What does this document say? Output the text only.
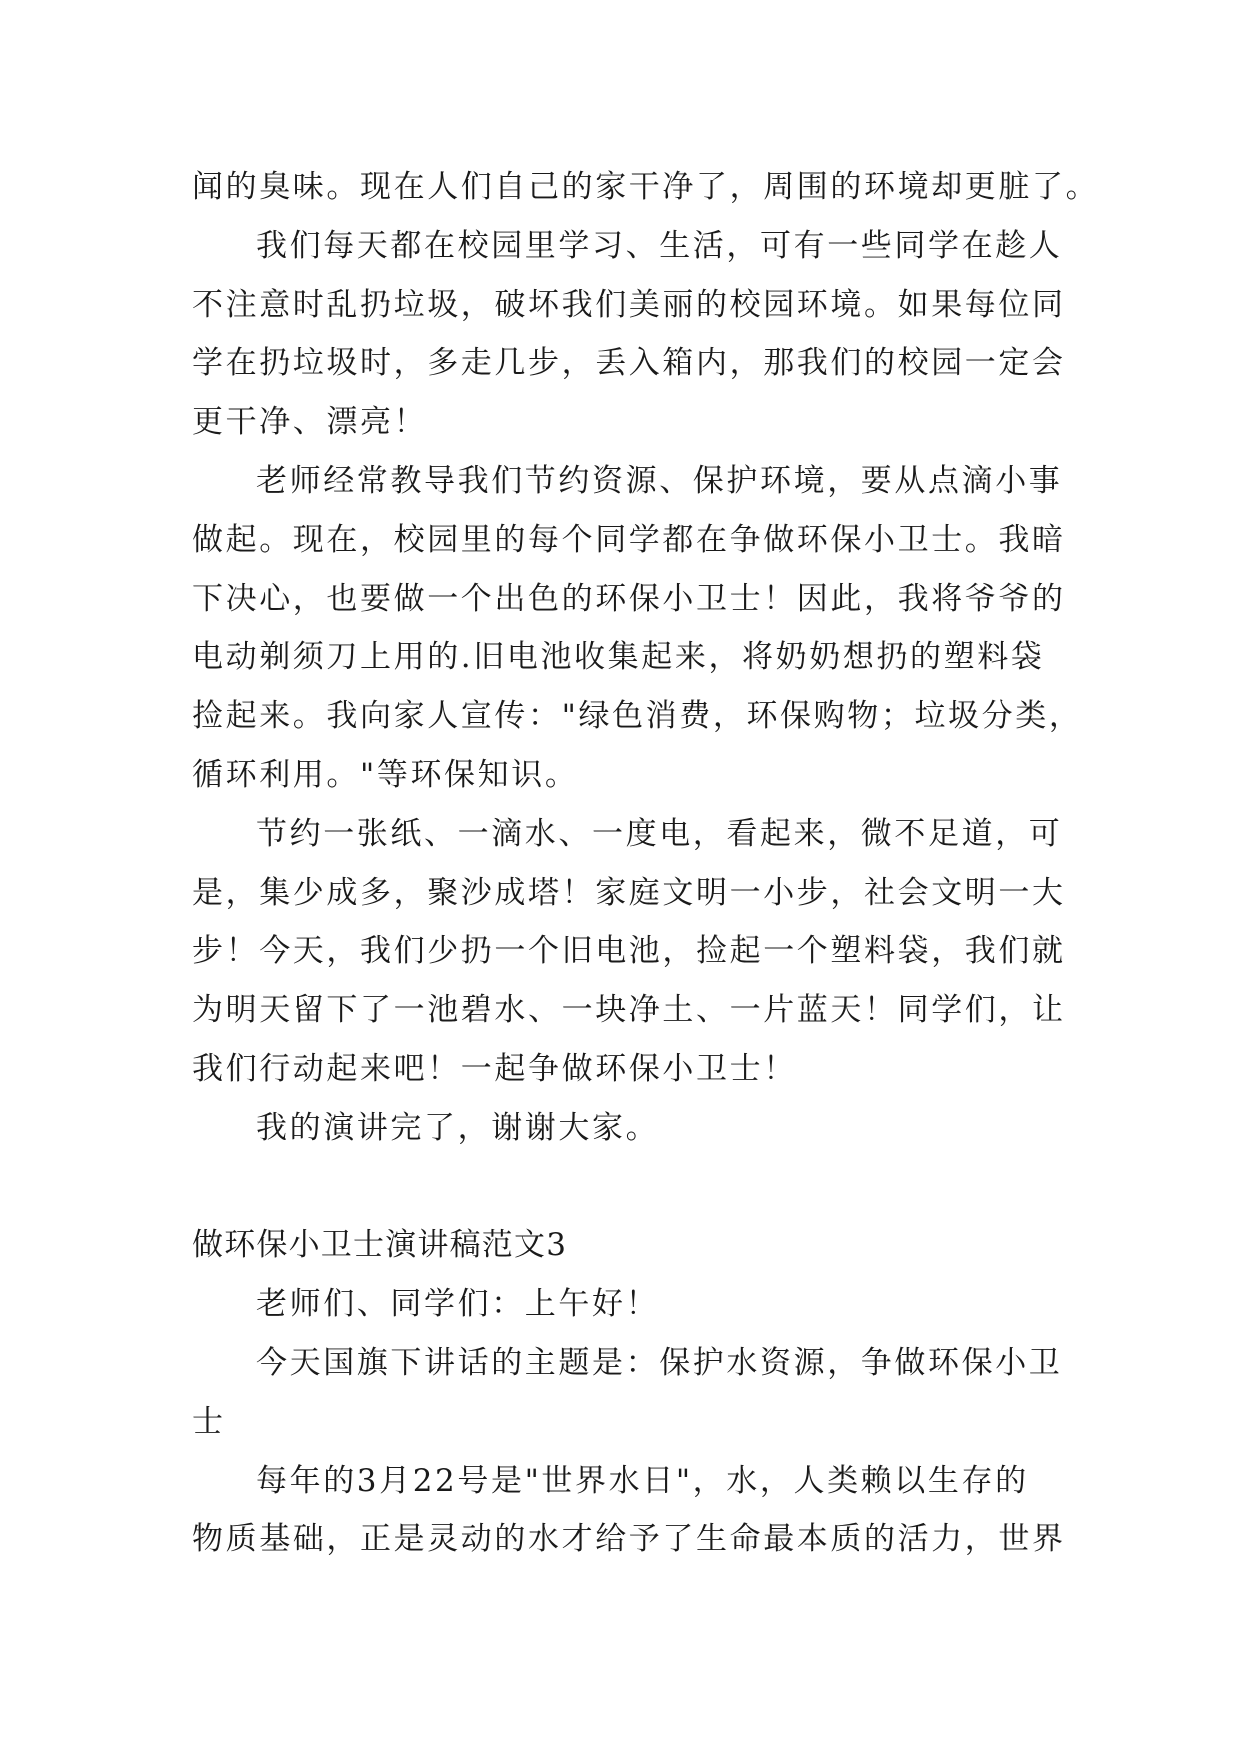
闻的臭味。现在人们自己的家干净了，周围的环境却更脏了。

我们每天都在校园里学习、生活，可有一些同学在趁人

不注意时乱扔垃圾，破坏我们美丽的校园环境。如果每位同

学在扔垃圾时，多走几步，丢入箱内，那我们的校园一定会

更干净、漂亮！

老师经常教导我们节约资源、保护环境，要从点滴小事

做起。现在，校园里的每个同学都在争做环保小卫士。我暗

下决心，也要做一个出色的环保小卫士！因此，我将爷爷的

电动剃须刀上用的.旧电池收集起来，将奶奶想扔的塑料袋

捡起来。我向家人宣传："绿色消费，环保购物；垃圾分类，

循环利用。"等环保知识。

节约一张纸、一滴水、一度电，看起来，微不足道，可

是，集少成多，聚沙成塔！家庭文明一小步，社会文明一大

步！今天，我们少扔一个旧电池，捡起一个塑料袋，我们就

为明天留下了一池碧水、一块净土、一片蓝天！同学们，让

我们行动起来吧！一起争做环保小卫士！

我的演讲完了，谢谢大家。

做环保小卫士演讲稿范文3

老师们、同学们：上午好！

今天国旗下讲话的主题是：保护水资源，争做环保小卫

士

每年的3月22号是"世界水日"，水，人类赖以生存的

物质基础，正是灵动的水才给予了生命最本质的活力，世界
